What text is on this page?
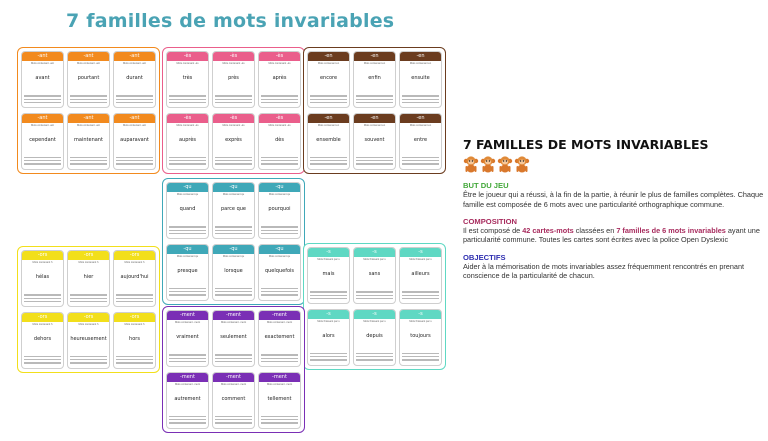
7 familles de mots invariables
-ant
Mots contenant -ant
avant
-ant
Mots contenant -ant
pourtant
-ant
Mots contenant -ant
durant
-ant
Mots contenant -ant
cependant
-ant
Mots contenant -ant
maintenant
-ant
Mots contenant -ant
auparavant
-ès
Mots contenant -ès
très
-ès
Mots contenant -ès
près
-ès
Mots contenant -ès
après
-ès
Mots contenant -ès
auprès
-ès
Mots contenant -ès
exprès
-ès
Mots contenant -ès
dès
-en
Mots contenant en
encore
-en
Mots contenant en
enfin
-en
Mots contenant en
ensuite
-en
Mots contenant en
ensemble
-en
Mots contenant en
souvent
-en
Mots contenant en
entre
-qu
Mots contenant qu
quand
-qu
Mots contenant qu
parce que
-qu
Mots contenant qu
pourquoi
-qu
Mots contenant qu
presque
-qu
Mots contenant qu
lorsque
-qu
Mots contenant qu
quelquefois
-ors
Mots contenant h
hélas
-ors
Mots contenant h
hier
-ors
Mots contenant h
aujourd'hui
-ors
Mots contenant h
dehors
-ors
Mots contenant h
heureusement
-ors
Mots contenant h
hors
-s
Mots finissant par s
mais
-s
Mots finissant par s
sans
-s
Mots finissant par s
ailleurs
-s
Mots finissant par s
alors
-s
Mots finissant par s
depuis
-s
Mots finissant par s
toujours
-ment
Mots contenant -ment
vraiment
-ment
Mots contenant -ment
seulement
-ment
Mots contenant -ment
exactement
-ment
Mots contenant -ment
autrement
-ment
Mots contenant -ment
comment
-ment
Mots contenant -ment
tellement
7 FAMILLES DE MOTS INVARIABLES
BUT DU JEU
Être le joueur qui a réussi, à la fin de la partie, à réunir le plus de familles complètes. Chaque famille est composée de 6 mots avec une particularité orthographique commune.
COMPOSITION
Il est composé de 42 cartes-mots classées en 7 familles de 6 mots invariables ayant une particularité commune. Toutes les cartes sont écrites avec la police Open Dyslexic
OBJECTIFS
Aider à la mémorisation de mots invariables assez fréquemment rencontrés en prenant conscience de la particularité de chacun.
